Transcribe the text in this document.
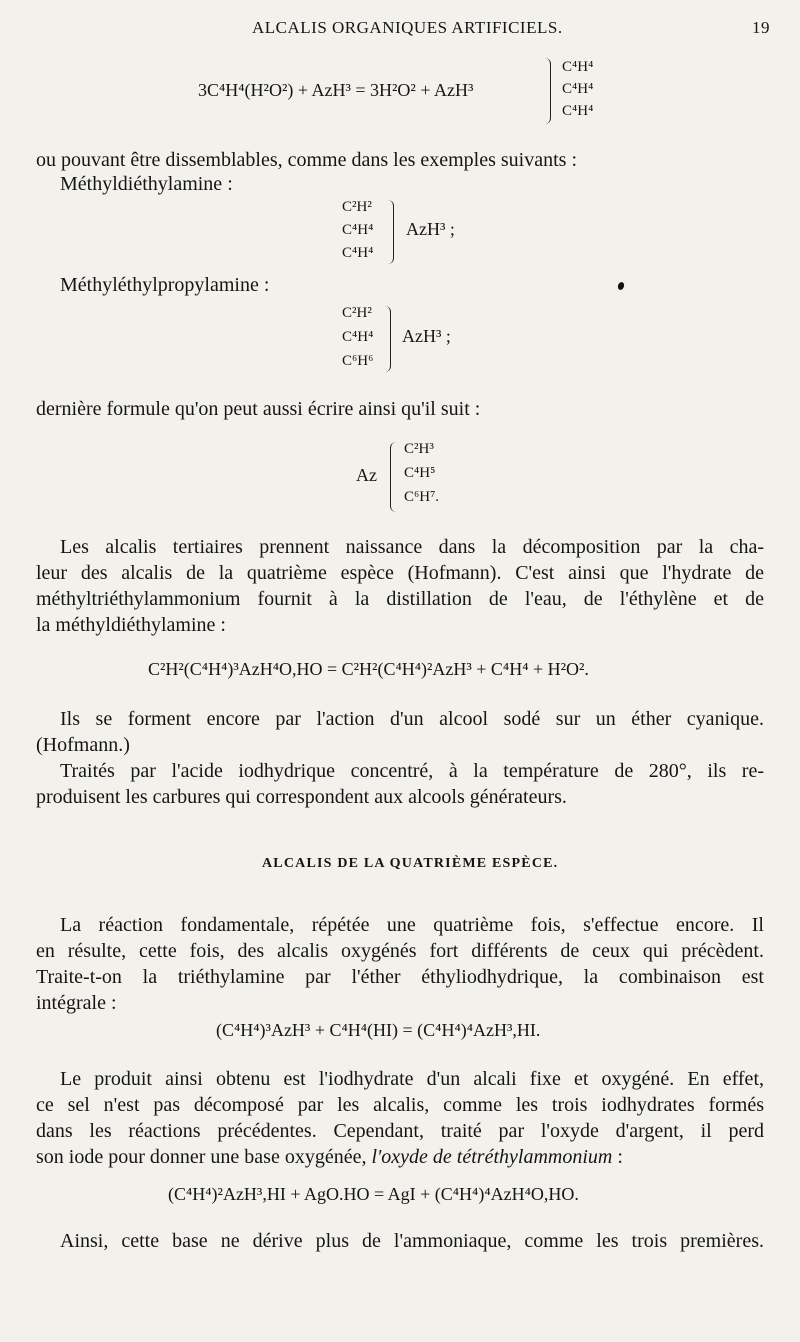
ALCALIS ORGANIQUES ARTIFICIELS.	19
3C⁴H⁴(H²O²) + AzH³ = 3H²O² + AzH³
C⁴H⁴
C⁴H⁴
C⁴H⁴
ou pouvant être dissemblables, comme dans les exemples suivants :
Méthyldiéthylamine :
C²H²
C⁴H⁴
C⁴H⁴
AzH³ ;
Méthyléthylpropylamine :
C²H²
C⁴H⁴
C⁶H⁶
AzH³ ;
dernière formule qu'on peut aussi écrire ainsi qu'il suit :
Az
C²H³
C⁴H⁵
C⁶H⁷.
Les alcalis tertiaires prennent naissance dans la décomposition par la cha-
leur des alcalis de la quatrième espèce (Hofmann). C'est ainsi que l'hydrate de
méthyltriéthylammonium fournit à la distillation de l'eau, de l'éthylène et de
la méthyldiéthylamine :
C²H²(C⁴H⁴)³AzH⁴O,HO = C²H²(C⁴H⁴)²AzH³ + C⁴H⁴ + H²O².
Ils se forment encore par l'action d'un alcool sodé sur un éther cyanique.
(Hofmann.)
Traités par l'acide iodhydrique concentré, à la température de 280°, ils re-
produisent les carbures qui correspondent aux alcools générateurs.
ALCALIS DE LA QUATRIÈME ESPÈCE.
La réaction fondamentale, répétée une quatrième fois, s'effectue encore. Il
en résulte, cette fois, des alcalis oxygénés fort différents de ceux qui précèdent.
Traite-t-on la triéthylamine par l'éther éthyliodhydrique, la combinaison est
intégrale :
(C⁴H⁴)³AzH³ + C⁴H⁴(HI) = (C⁴H⁴)⁴AzH³,HI.
Le produit ainsi obtenu est l'iodhydrate d'un alcali fixe et oxygéné. En effet,
ce sel n'est pas décomposé par les alcalis, comme les trois iodhydrates formés
dans les réactions précédentes. Cependant, traité par l'oxyde d'argent, il perd
son iode pour donner une base oxygénée, l'oxyde de tétréthylammonium :
(C⁴H⁴)²AzH³,HI + AgO.HO = AgI + (C⁴H⁴)⁴AzH⁴O,HO.
Ainsi, cette base ne dérive plus de l'ammoniaque, comme les trois premières.
